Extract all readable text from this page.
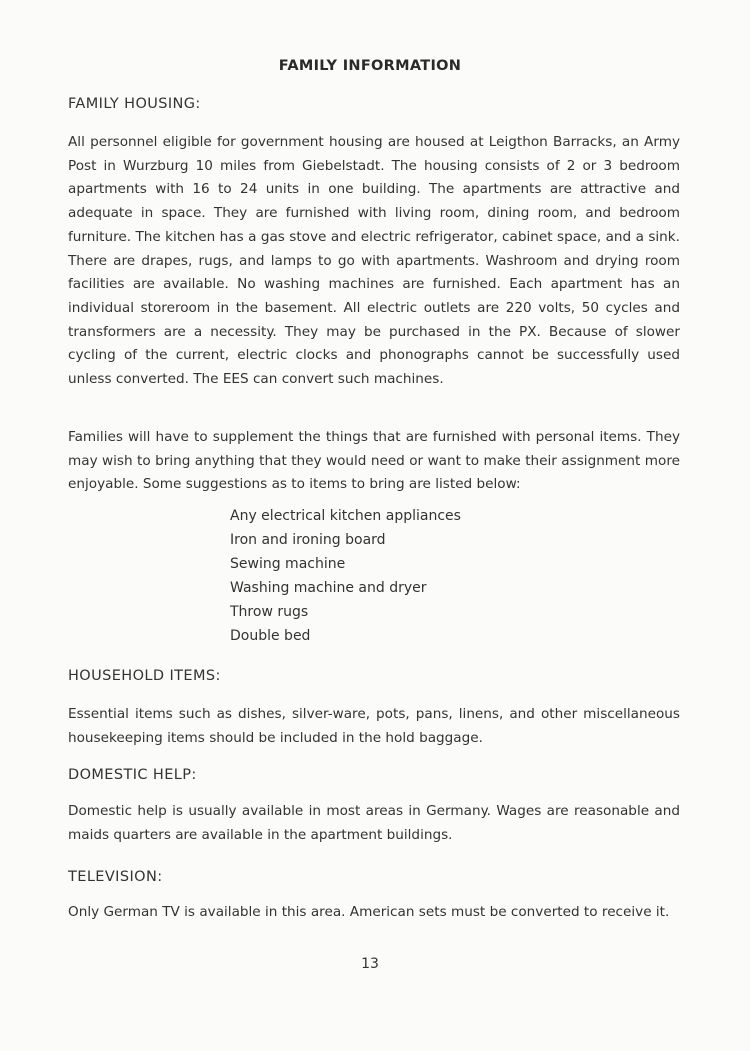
FAMILY INFORMATION
FAMILY HOUSING:

All personnel eligible for government housing are housed at Leigthon Barracks, an Army Post in Wurzburg 10 miles from Giebelstadt. The housing consists of 2 or 3 bedroom apartments with 16 to 24 units in one building. The apartments are attractive and adequate in space. They are furnished with living room, dining room, and bedroom furniture. The kitchen has a gas stove and electric refrigerator, cabinet space, and a sink. There are drapes, rugs, and lamps to go with apartments. Washroom and drying room facilities are available. No washing machines are furnished. Each apartment has an individual storeroom in the basement. All electric outlets are 220 volts, 50 cycles and transformers are a necessity. They may be purchased in the PX. Because of slower cycling of the current, electric clocks and phonographs cannot be successfully used unless converted. The EES can convert such machines.

Families will have to supplement the things that are furnished with personal items. They may wish to bring anything that they would need or want to make their assignment more enjoyable. Some suggestions as to items to bring are listed below:

Any electrical kitchen appliances
Iron and ironing board
Sewing machine
Washing machine and dryer
Throw rugs
Double bed
HOUSEHOLD ITEMS:

Essential items such as dishes, silver-ware, pots, pans, linens, and other miscellaneous housekeeping items should be included in the hold baggage.

DOMESTIC HELP:

Domestic help is usually available in most areas in Germany. Wages are reasonable and maids quarters are available in the apartment buildings.

TELEVISION:

Only German TV is available in this area. American sets must be converted to receive it.

13
